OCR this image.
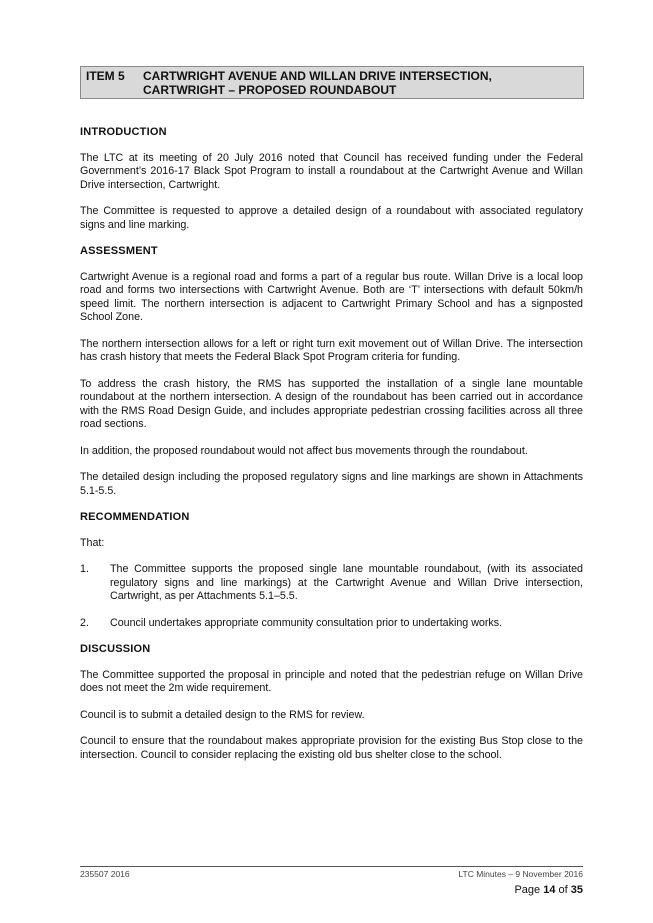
ITEM 5 CARTWRIGHT AVENUE AND WILLAN DRIVE INTERSECTION,
CARTWRIGHT – PROPOSED ROUNDABOUT
INTRODUCTION

The LTC at its meeting of 20 July 2016 noted that Council has received funding under the Federal Government’s 2016-17 Black Spot Program to install a roundabout at the Cartwright Avenue and Willan Drive intersection, Cartwright.

The Committee is requested to approve a detailed design of a roundabout with associated regulatory signs and line marking.

ASSESSMENT

Cartwright Avenue is a regional road and forms a part of a regular bus route. Willan Drive is a local loop road and forms two intersections with Cartwright Avenue. Both are ‘T’ intersections with default 50km/h speed limit. The northern intersection is adjacent to Cartwright Primary School and has a signposted School Zone.

The northern intersection allows for a left or right turn exit movement out of Willan Drive. The intersection has crash history that meets the Federal Black Spot Program criteria for funding.

To address the crash history, the RMS has supported the installation of a single lane mountable roundabout at the northern intersection. A design of the roundabout has been carried out in accordance with the RMS Road Design Guide, and includes appropriate pedestrian crossing facilities across all three road sections.

In addition, the proposed roundabout would not affect bus movements through the roundabout.

The detailed design including the proposed regulatory signs and line markings are shown in Attachments 5.1-5.5.

RECOMMENDATION

That:

1.	The Committee supports the proposed single lane mountable roundabout, (with its associated regulatory signs and line markings) at the Cartwright Avenue and Willan Drive intersection, Cartwright, as per Attachments 5.1–5.5.
2.	Council undertakes appropriate community consultation prior to undertaking works.
DISCUSSION

The Committee supported the proposal in principle and noted that the pedestrian refuge on Willan Drive does not meet the 2m wide requirement.

Council is to submit a detailed design to the RMS for review.

Council to ensure that the roundabout makes appropriate provision for the existing Bus Stop close to the intersection. Council to consider replacing the existing old bus shelter close to the school.

235507 2016	LTC Minutes – 9 November 2016
Page 14 of 35
